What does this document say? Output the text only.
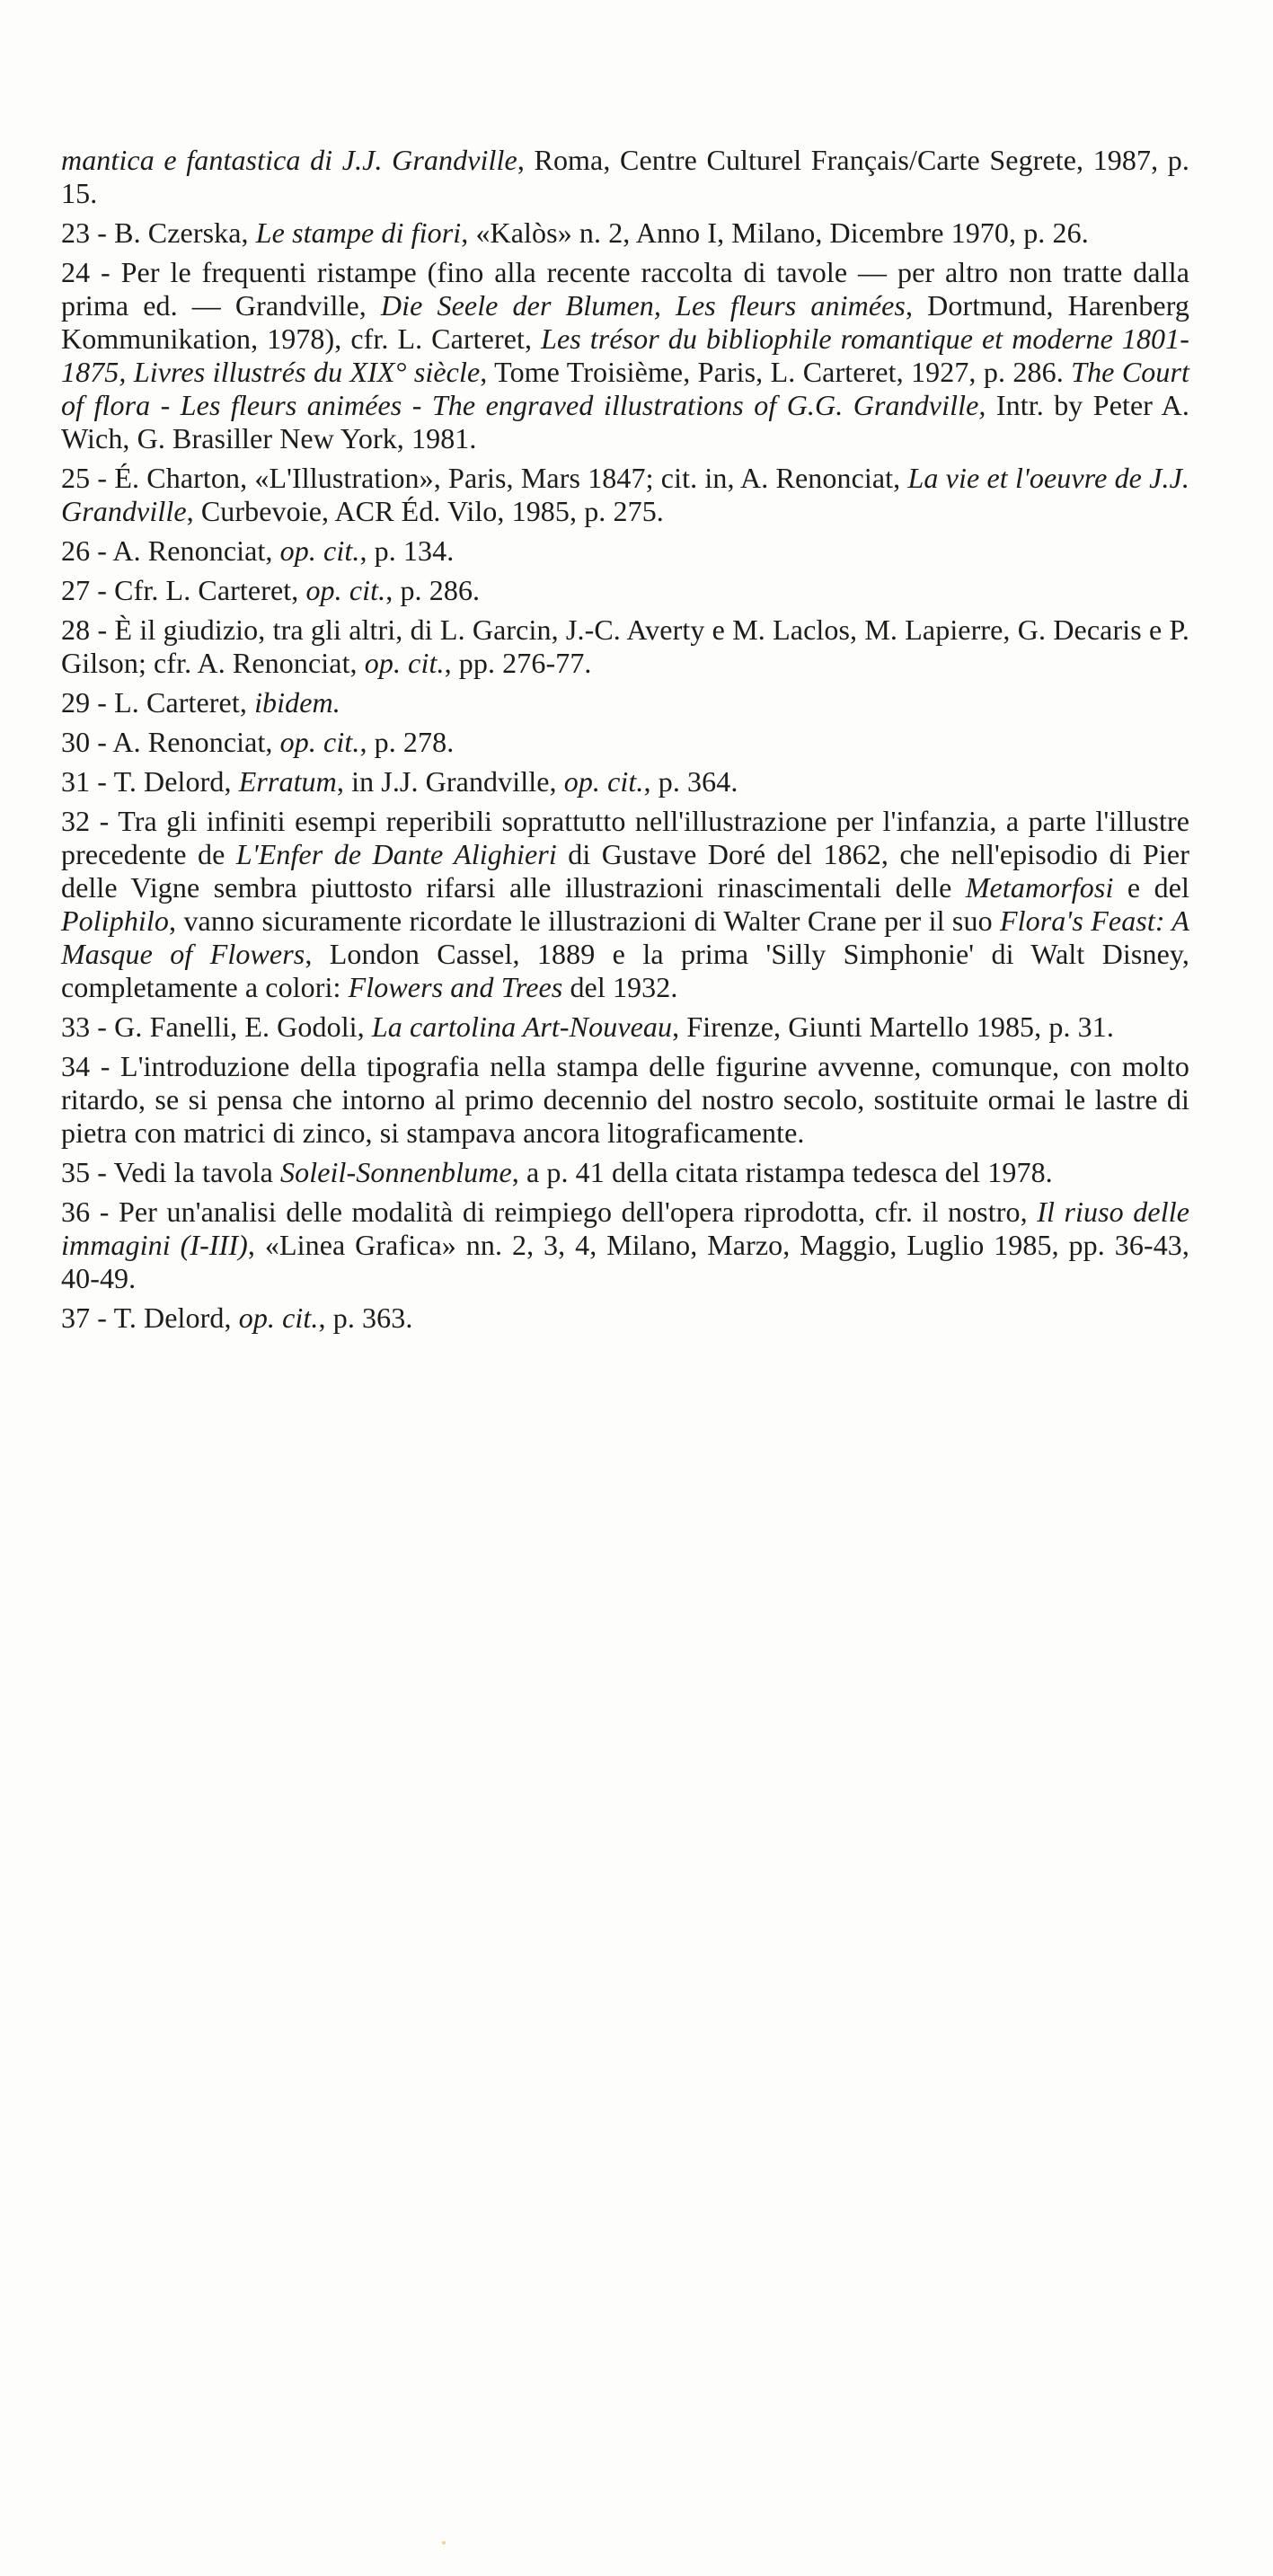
mantica e fantastica di J.J. Grandville, Roma, Centre Culturel Français/Carte Segrete, 1987, p. 15.

23 - B. Czerska, Le stampe di fiori, «Kalòs» n. 2, Anno I, Milano, Dicembre 1970, p. 26.

24 - Per le frequenti ristampe (fino alla recente raccolta di tavole — per altro non tratte dalla prima ed. — Grandville, Die Seele der Blumen, Les fleurs animées, Dortmund, Harenberg Kommunikation, 1978), cfr. L. Carteret, Les trésor du bibliophile romantique et moderne 1801-1875, Livres illustrés du XIX° siècle, Tome Troisième, Paris, L. Carteret, 1927, p. 286. The Court of flora - Les fleurs animées - The engraved illustrations of G.G. Grandville, Intr. by Peter A. Wich, G. Brasiller New York, 1981.

25 - É. Charton, «L'Illustration», Paris, Mars 1847; cit. in, A. Renonciat, La vie et l'oeuvre de J.J. Grandville, Curbevoie, ACR Éd. Vilo, 1985, p. 275.

26 - A. Renonciat, op. cit., p. 134.

27 - Cfr. L. Carteret, op. cit., p. 286.

28 - È il giudizio, tra gli altri, di L. Garcin, J.-C. Averty e M. Laclos, M. Lapierre, G. Decaris e P. Gilson; cfr. A. Renonciat, op. cit., pp. 276-77.

29 - L. Carteret, ibidem.

30 - A. Renonciat, op. cit., p. 278.

31 - T. Delord, Erratum, in J.J. Grandville, op. cit., p. 364.

32 - Tra gli infiniti esempi reperibili soprattutto nell'illustrazione per l'infanzia, a parte l'illustre precedente de L'Enfer de Dante Alighieri di Gustave Doré del 1862, che nell'episodio di Pier delle Vigne sembra piuttosto rifarsi alle illustrazioni rinascimentali delle Metamorfosi e del Poliphilo, vanno sicuramente ricordate le illustrazioni di Walter Crane per il suo Flora's Feast: A Masque of Flowers, London Cassel, 1889 e la prima 'Silly Simphonie' di Walt Disney, completamente a colori: Flowers and Trees del 1932.

33 - G. Fanelli, E. Godoli, La cartolina Art-Nouveau, Firenze, Giunti Martello 1985, p. 31.

34 - L'introduzione della tipografia nella stampa delle figurine avvenne, comunque, con molto ritardo, se si pensa che intorno al primo decennio del nostro secolo, sostituite ormai le lastre di pietra con matrici di zinco, si stampava ancora litograficamente.

35 - Vedi la tavola Soleil-Sonnenblume, a p. 41 della citata ristampa tedesca del 1978.

36 - Per un'analisi delle modalità di reimpiego dell'opera riprodotta, cfr. il nostro, Il riuso delle immagini (I-III), «Linea Grafica» nn. 2, 3, 4, Milano, Marzo, Maggio, Luglio 1985, pp. 36-43, 40-49.

37 - T. Delord, op. cit., p. 363.
